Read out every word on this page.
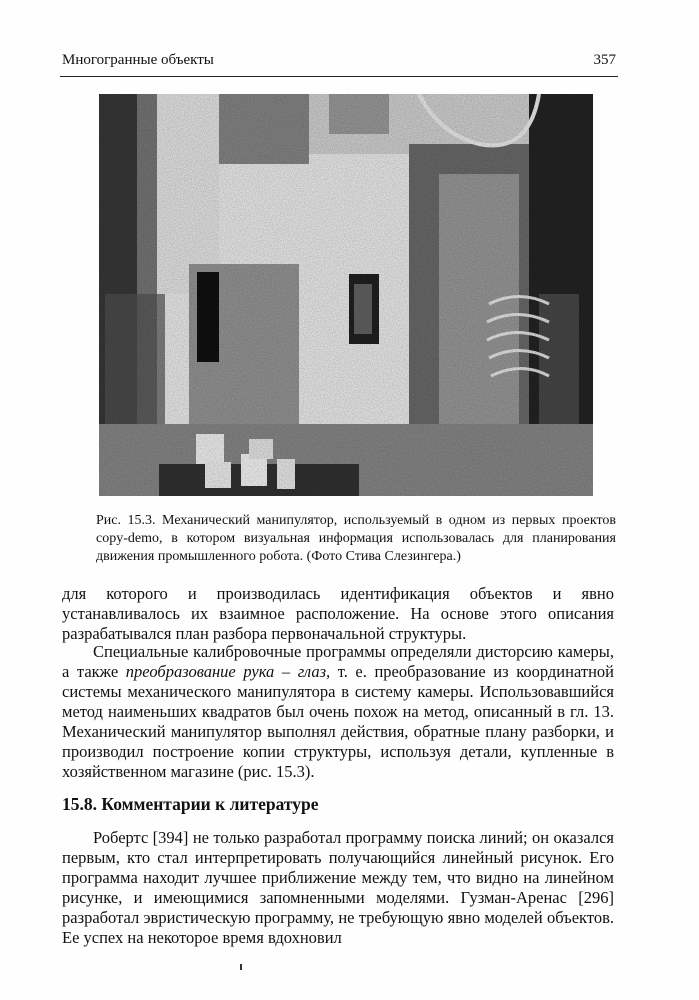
Многогранные объекты	357
Рис. 15.3. Механический манипулятор, используемый в одном из первых проектов copy-demo, в котором визуальная информация использовалась для планирования движения промышленного робота. (Фото Стива Слезингера.)

для которого и производилась идентификация объектов и явно устанавливалось их взаимное расположение. На основе этого описания разрабатывался план разбора первоначальной структуры.

Специальные калибровочные программы определяли дисторсию камеры, а также преобразование рука – глаз, т. е. преобразование из координатной системы механического манипулятора в систему камеры. Использовавшийся метод наименьших квадратов был очень похож на метод, описанный в гл. 13. Механический манипулятор выполнял действия, обратные плану разборки, и производил построение копии структуры, используя детали, купленные в хозяйственном магазине (рис. 15.3).

15.8. Комментарии к литературе

Робертс [394] не только разработал программу поиска линий; он оказался первым, кто стал интерпретировать получающийся линейный рисунок. Его программа находит лучшее приближение между тем, что видно на линейном рисунке, и имеющимися запомненными моделями. Гузман-Аренас [296] разработал эвристическую программу, не требующую явно моделей объектов. Ее успех на некоторое время вдохновил
